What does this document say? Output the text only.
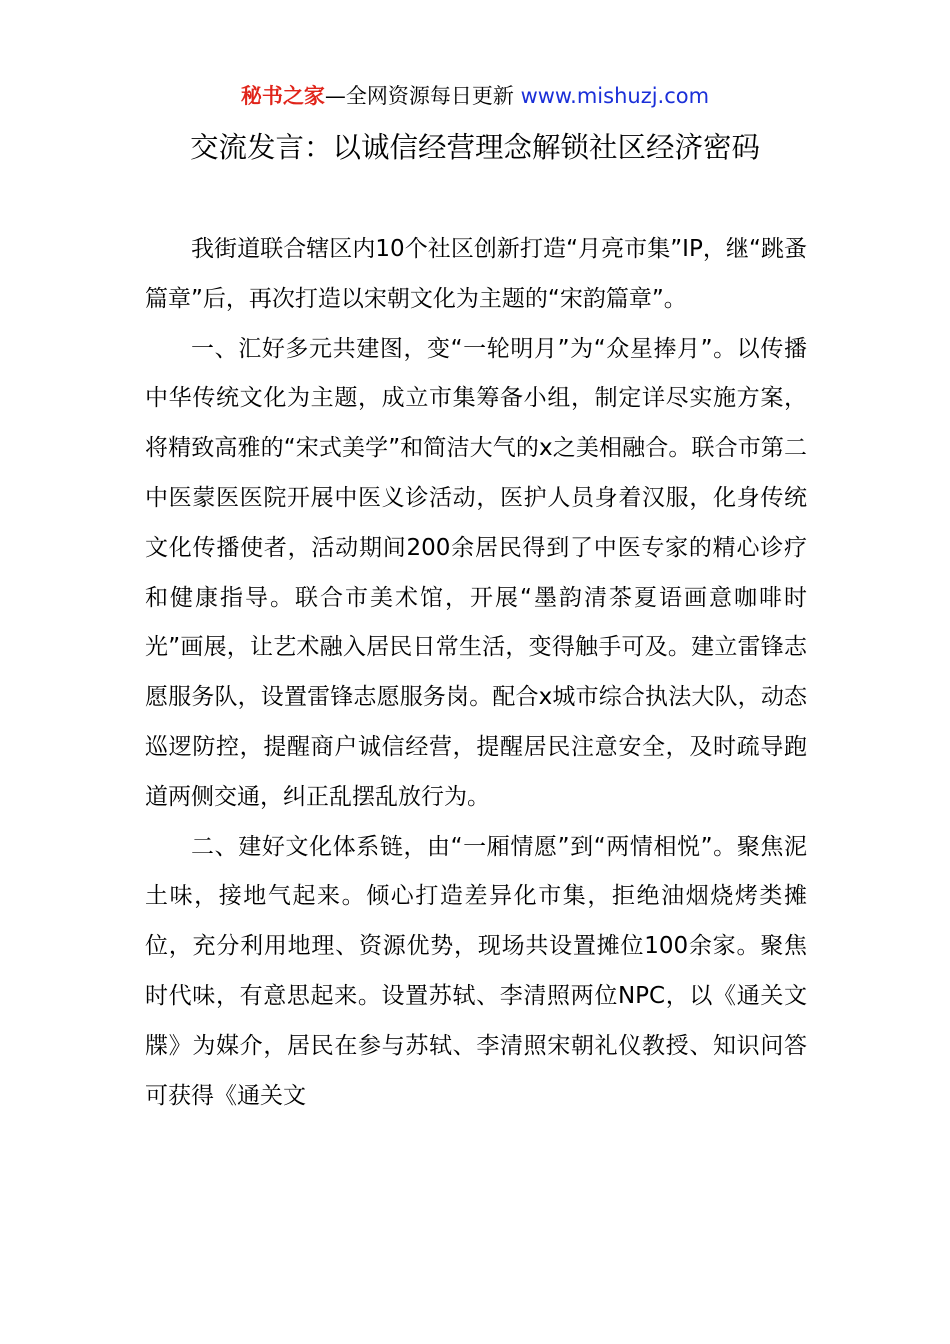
秘书之家—全网资源每日更新 www.mishuzj.com
交流发言：以诚信经营理念解锁社区经济密码

我街道联合辖区内10个社区创新打造“月亮市集”IP，继“跳蚤篇章”后，再次打造以宋朝文化为主题的“宋韵篇章”。

一、汇好多元共建图，变“一轮明月”为“众星捧月”。以传播中华传统文化为主题，成立市集筹备小组，制定详尽实施方案，将精致高雅的“宋式美学”和简洁大气的x之美相融合。联合市第二中医蒙医医院开展中医义诊活动，医护人员身着汉服，化身传统文化传播使者，活动期间200余居民得到了中医专家的精心诊疗和健康指导。联合市美术馆，开展“墨韵清茶夏语画意咖啡时光”画展，让艺术融入居民日常生活，变得触手可及。建立雷锋志愿服务队，设置雷锋志愿服务岗。配合x城市综合执法大队，动态巡逻防控，提醒商户诚信经营，提醒居民注意安全，及时疏导跑道两侧交通，纠正乱摆乱放行为。

二、建好文化体系链，由“一厢情愿”到“两情相悦”。聚焦泥土味，接地气起来。倾心打造差异化市集，拒绝油烟烧烤类摊位，充分利用地理、资源优势，现场共设置摊位100余家。聚焦时代味，有意思起来。设置苏轼、李清照两位NPC，以《通关文牒》为媒介，居民在参与苏轼、李清照宋朝礼仪教授、知识问答可获得《通关文
